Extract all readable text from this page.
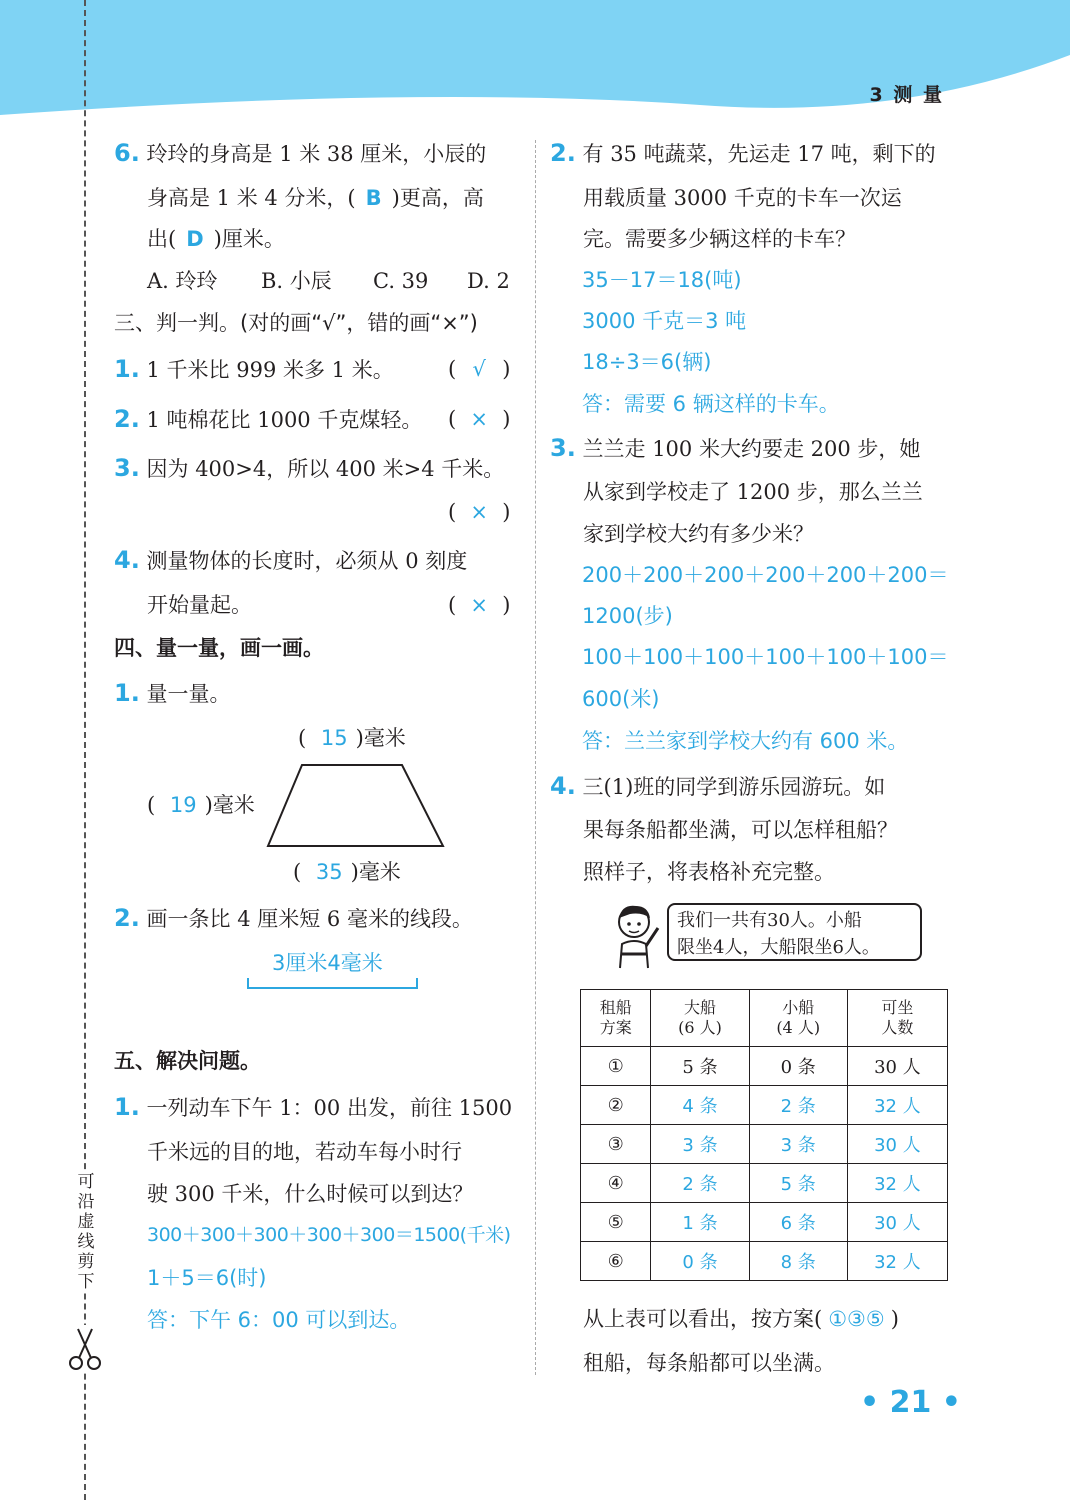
3 测 量
可沿虚线剪下
6. 玲玲的身高是 1 米 38 厘米，小辰的
身高是 1 米 4 分米，( B )更高，高
出( D )厘米。
A. 玲玲 B. 小辰 C. 39 D. 2
三、判一判。(对的画“√”，错的画“×”)
1. 1 千米比 999 米多 1 米。	( √ )
2. 1 吨棉花比 1000 千克煤轻。 ( × )
3. 因为 400>4，所以 400 米>4 千米。
( × )
4. 测量物体的长度时，必须从 0 刻度
开始量起。	( × )
四、量一量，画一画。
1. 量一量。
( 15 )毫米
( 19 )毫米
( 35 )毫米
2. 画一条比 4 厘米短 6 毫米的线段。
3厘米4毫米
五、解决问题。
1. 一列动车下午 1：00 出发，前往 1500
千米远的目的地，若动车每小时行
驶 300 千米，什么时候可以到达？
300＋300＋300＋300＋300＝1500(千米)
1＋5＝6(时)
答：下午 6：00 可以到达。
2. 有 35 吨蔬菜，先运走 17 吨，剩下的
用载质量 3000 千克的卡车一次运
完。需要多少辆这样的卡车？
35－17＝18(吨)
3000 千克＝3 吨
18÷3＝6(辆)
答：需要 6 辆这样的卡车。
3. 兰兰走 100 米大约要走 200 步，她
从家到学校走了 1200 步，那么兰兰
家到学校大约有多少米？
200＋200＋200＋200＋200＋200＝
1200(步)
100＋100＋100＋100＋100＋100＝
600(米)
答：兰兰家到学校大约有 600 米。
4. 三(1)班的同学到游乐园游玩。如
果每条船都坐满，可以怎样租船？
照样子，将表格补充完整。
我们一共有30人。小船
限坐4人，大船限坐6人。
租船
方案	大船
(6 人)	小船
(4 人)	可坐
人数
①	5 条	0 条	30 人
②	4 条	2 条	32 人
③	3 条	3 条	30 人
④	2 条	5 条	32 人
⑤	1 条	6 条	30 人
⑥	0 条	8 条	32 人
从上表可以看出，按方案( ①③⑤ )
租船，每条船都可以坐满。
• 21 •
